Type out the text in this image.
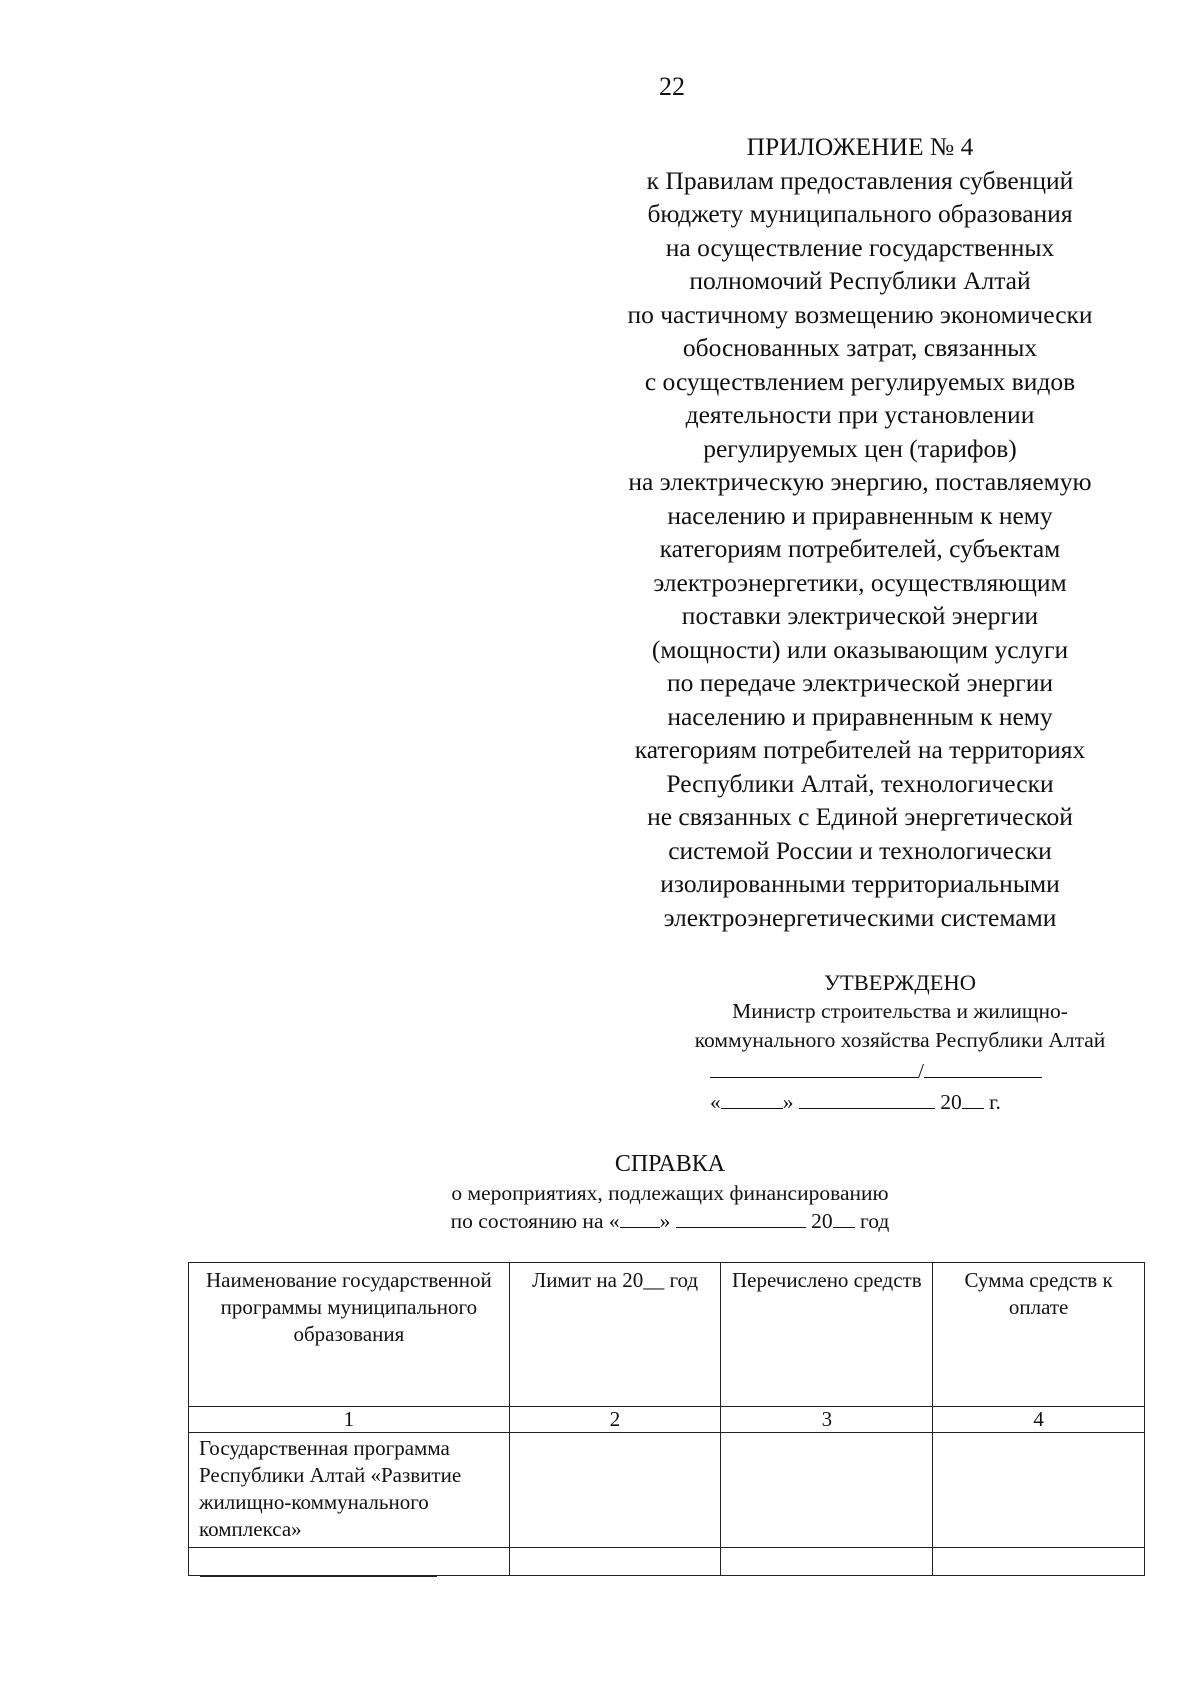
22
ПРИЛОЖЕНИЕ № 4
к Правилам предоставления субвенций
бюджету муниципального образования
на осуществление государственных
полномочий Республики Алтай
по частичному возмещению экономически
обоснованных затрат, связанных
с осуществлением регулируемых видов
деятельности при установлении
регулируемых цен (тарифов)
на электрическую энергию, поставляемую
населению и приравненным к нему
категориям потребителей, субъектам
электроэнергетики, осуществляющим
поставки электрической энергии
(мощности) или оказывающим услуги
по передаче электрической энергии
населению и приравненным к нему
категориям потребителей на территориях
Республики Алтай, технологически
не связанных с Единой энергетической
системой России и технологически
изолированными территориальными
электроэнергетическими системами
УТВЕРЖДЕНО
Министр строительства и жилищно-
коммунального хозяйства Республики Алтай
/
«	»	20 г.
СПРАВКА
о мероприятиях, подлежащих финансированию
по состоянию на « »	20 год
Наименование государственной программы муниципального образования	Лимит на 20__ год	Перечислено средств	Сумма средств к оплате
1	2	3	4
Государственная программа Республики Алтай «Развитие жилищно-коммунального комплекса»			
